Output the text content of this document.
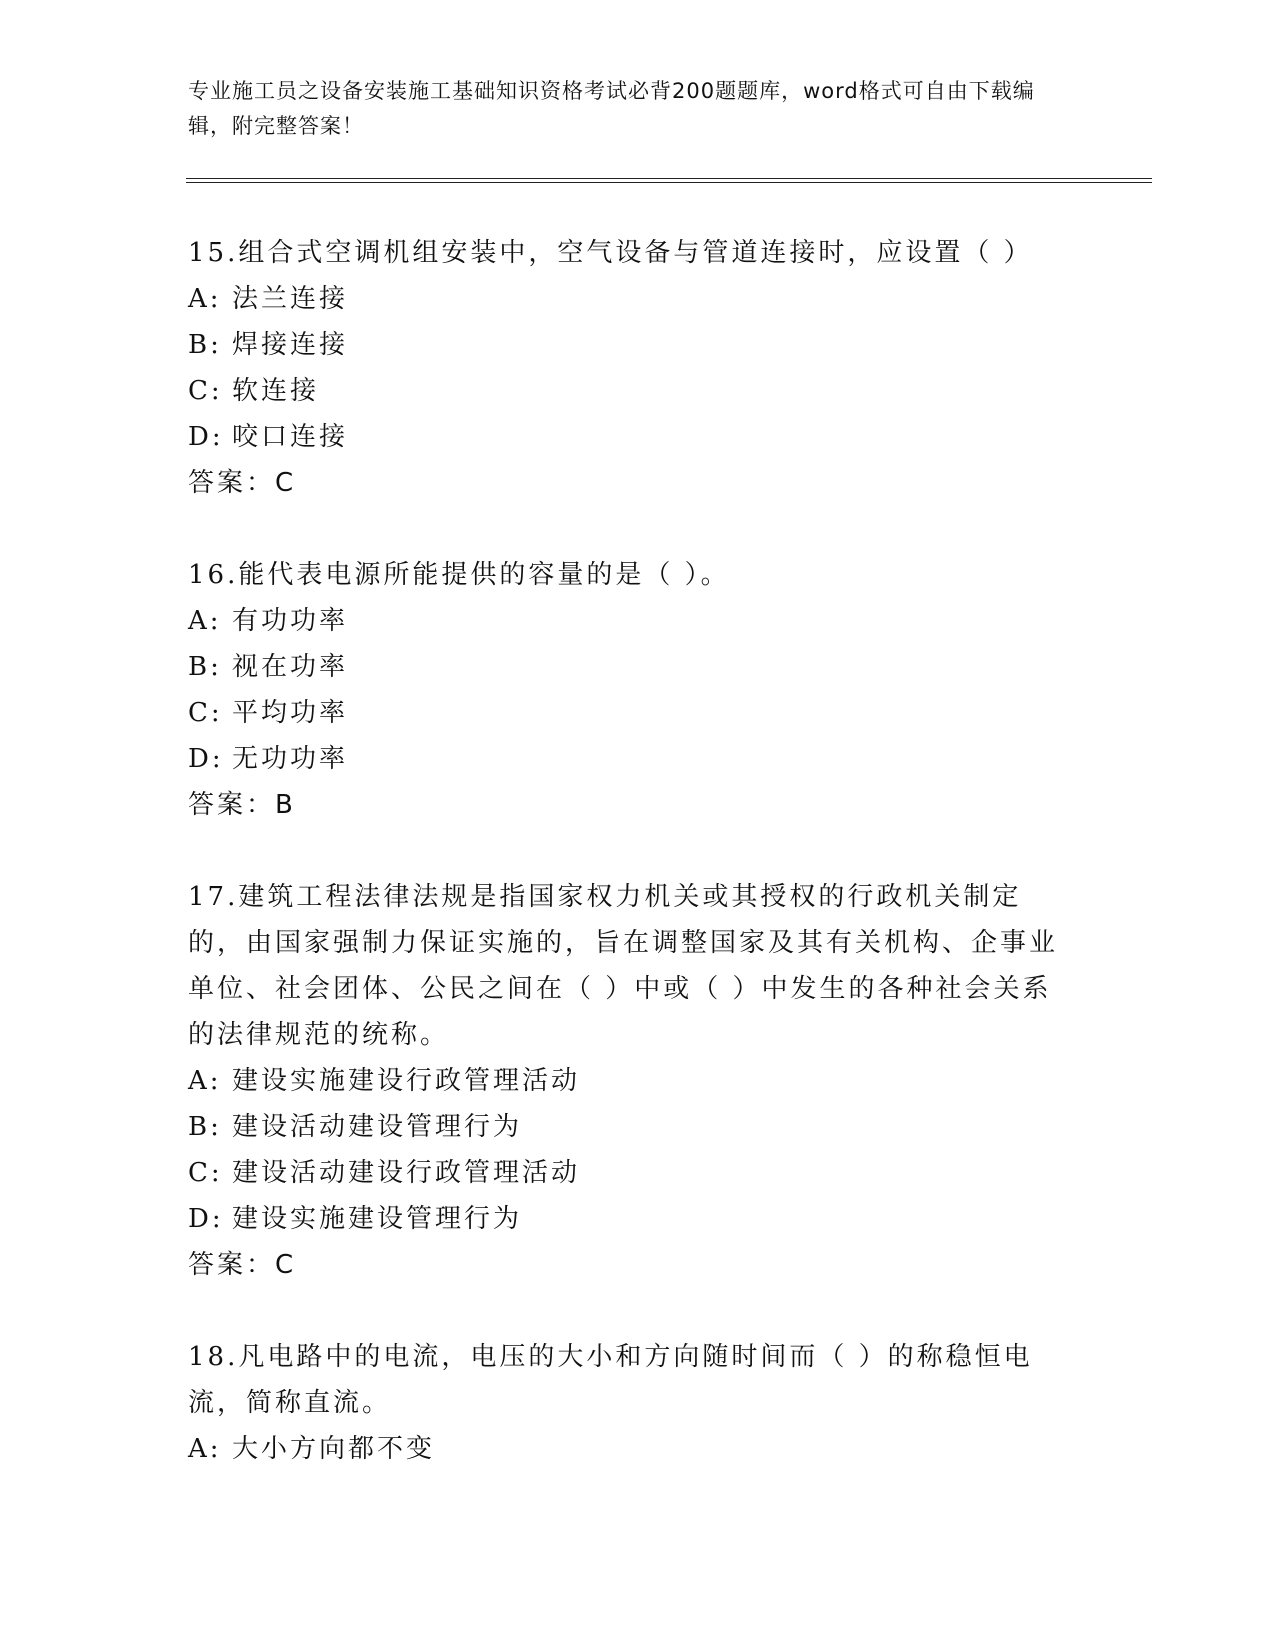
专业施工员之设备安装施工基础知识资格考试必背200题题库，word格式可自由下载编辑，附完整答案！

15.组合式空调机组安装中，空气设备与管道连接时，应设置（ ）

A: 法兰连接

B: 焊接连接

C: 软连接

D: 咬口连接

答案：C

16.能代表电源所能提供的容量的是（ ）。

A: 有功功率

B: 视在功率

C: 平均功率

D: 无功功率

答案：B

17.建筑工程法律法规是指国家权力机关或其授权的行政机关制定的，由国家强制力保证实施的，旨在调整国家及其有关机构、企事业单位、社会团体、公民之间在（ ）中或（ ）中发生的各种社会关系的法律规范的统称。

A: 建设实施建设行政管理活动

B: 建设活动建设管理行为

C: 建设活动建设行政管理活动

D: 建设实施建设管理行为

答案：C

18.凡电路中的电流，电压的大小和方向随时间而（ ）的称稳恒电流，简称直流。

A: 大小方向都不变
